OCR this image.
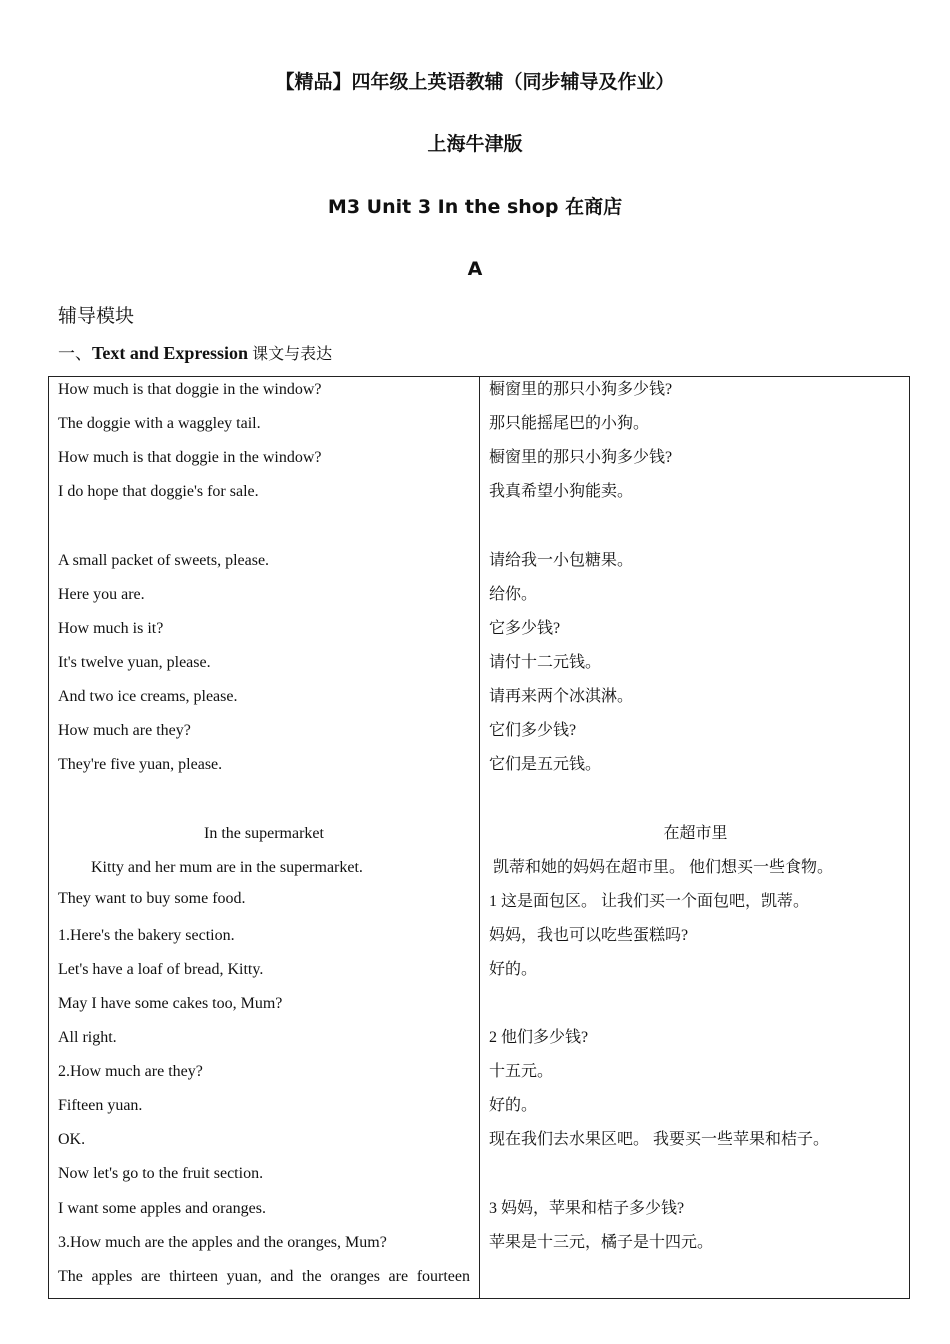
【精品】四年级上英语教辅（同步辅导及作业）
上海牛津版
M3 Unit 3 In the shop 在商店
A
辅导模块
一、Text and Expression 课文与表达
How much is that doggie in the window?
The doggie with a waggley tail.
How much is that doggie in the window?
I do hope that doggie's for sale.
A small packet of sweets, please.
Here you are.
How much is it?
It's twelve yuan, please.
And two ice creams, please.
How much are they?
They're five yuan, please.
In the supermarket
Kitty and her mum are in the supermarket.
They want to buy some food.
1.Here's the bakery section.
Let's have a loaf of bread, Kitty.
May I have some cakes too, Mum?
All right.
2.How much are they?
Fifteen yuan.
OK.
Now let's go to the fruit section.
I want some apples and oranges.
3.How much are the apples and the oranges, Mum?
The apples are thirteen yuan, and the oranges are fourteen
橱窗里的那只小狗多少钱?
那只能摇尾巴的小狗。
橱窗里的那只小狗多少钱?
我真希望小狗能卖。
请给我一小包糖果。
给你。
它多少钱?
请付十二元钱。
请再来两个冰淇淋。
它们多少钱?
它们是五元钱。
在超市里
凯蒂和她的妈妈在超市里。 他们想买一些食物。
1 这是面包区。 让我们买一个面包吧，凯蒂。
妈妈，我也可以吃些蛋糕吗?
好的。
2 他们多少钱?
十五元。
好的。
现在我们去水果区吧。 我要买一些苹果和桔子。
3 妈妈，苹果和桔子多少钱?
苹果是十三元，橘子是十四元。
